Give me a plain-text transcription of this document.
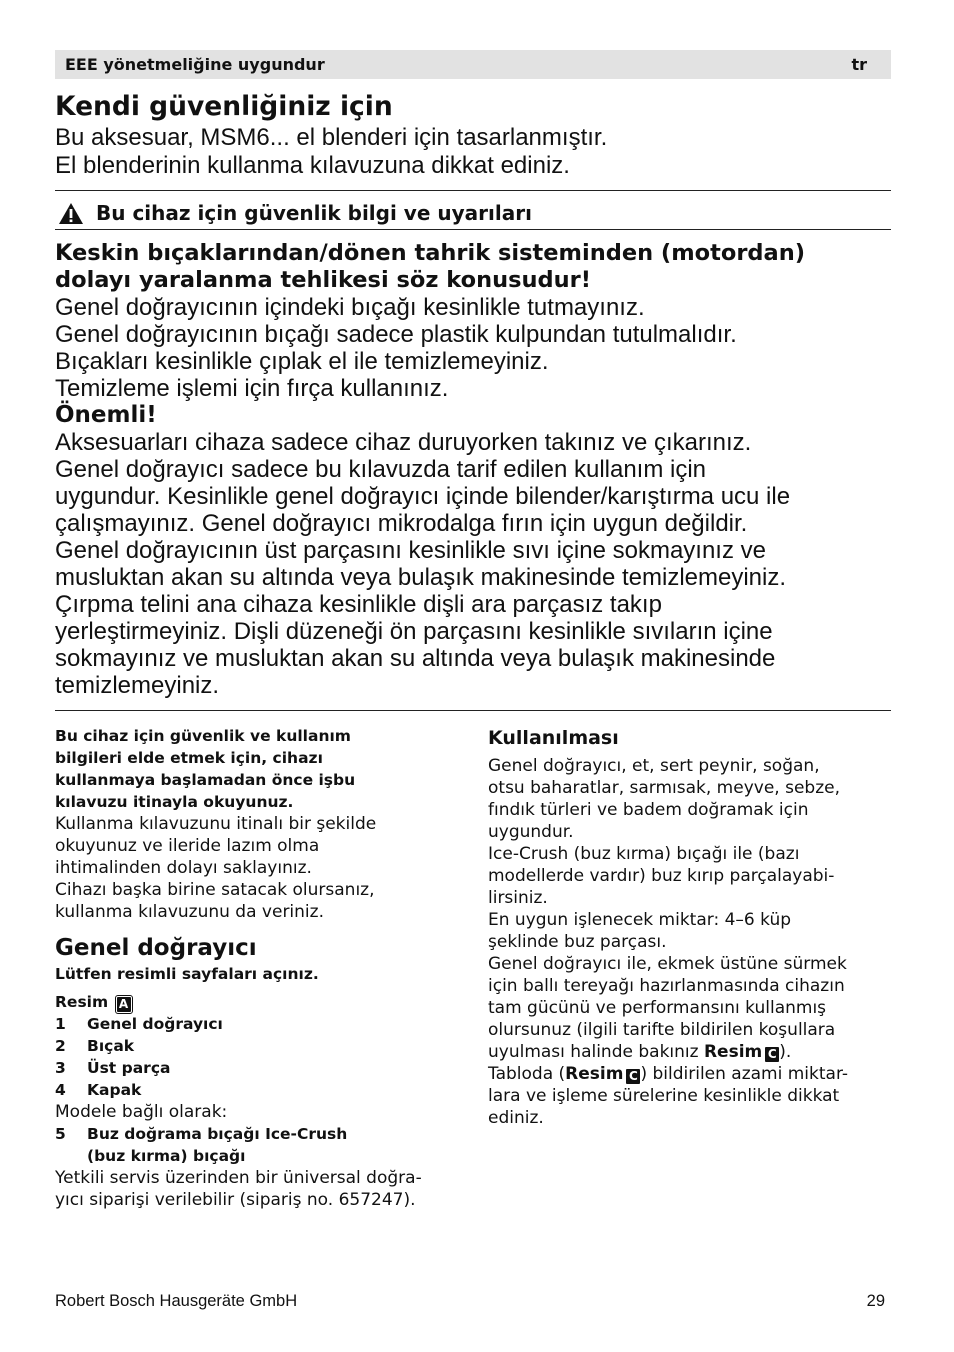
EEE yönetmeliğine uygundur	tr
Kendi güvenliğiniz için
Bu aksesuar, MSM6... el blenderi için tasarlanmıştır.
El blenderinin kullanma kılavuzuna dikkat ediniz.
Bu cihaz için güvenlik bilgi ve uyarıları
Keskin bıçaklarından/dönen tahrik sisteminden (motordan)
dolayı yaralanma tehlikesi söz konusudur!
Genel doğrayıcının içindeki bıçağı kesinlikle tutmayınız.
Genel doğrayıcının bıçağı sadece plastik kulpundan tutulmalıdır.
Bıçakları kesinlikle çıplak el ile temizlemeyiniz.
Temizleme işlemi için fırça kullanınız.
Önemli!
Aksesuarları cihaza sadece cihaz duruyorken takınız ve çıkarınız.
Genel doğrayıcı sadece bu kılavuzda tarif edilen kullanım için
uygundur. Kesinlikle genel doğrayıcı içinde bilender/karıştırma ucu ile
çalışmayınız. Genel doğrayıcı mikrodalga fırın için uygun değildir.
Genel doğrayıcının üst parçasını kesinlikle sıvı içine sokmayınız ve
musluktan akan su altında veya bulaşık makinesinde temizlemeyiniz.
Çırpma telini ana cihaza kesinlikle dişli ara parçasız takıp
yerleştirmeyiniz. Dişli düzeneği ön parçasını kesinlikle sıvıların içine
sokmayınız ve musluktan akan su altında veya bulaşık makinesinde
temizlemeyiniz.
Bu cihaz için güvenlik ve kullanım
bilgileri elde etmek için, cihazı
kullanmaya başlamadan önce işbu
kılavuzu itinayla okuyunuz.
Kullanma kılavuzunu itinalı bir şekilde
okuyunuz ve ileride lazım olma
ihtimalinden dolayı saklayınız.
Cihazı başka birine satacak olursanız,
kullanma kılavuzunu da veriniz.
Genel doğrayıcı
Lütfen resimli sayfaları açınız.
Resim A
1	Genel doğrayıcı
2	Bıçak
3	Üst parça
4	Kapak
Modele bağlı olarak:
5	Buz doğrama bıçağı Ice-Crush
(buz kırma) bıçağı
Yetkili servis üzerinden bir üniversal doğra-
yıcı siparişi verilebilir (sipariş no. 657247).
Kullanılması
Genel doğrayıcı, et, sert peynir, soğan,
otsu baharatlar, sarmısak, meyve, sebze,
fındık türleri ve badem doğramak için
uygundur.
Ice-Crush (buz kırma) bıçağı ile (bazı
modellerde vardır) buz kırıp parçalayabi-
lirsiniz.
En uygun işlenecek miktar: 4–6 küp
şeklinde buz parçası.
Genel doğrayıcı ile, ekmek üstüne sürmek
için ballı tereyağı hazırlanmasında cihazın
tam gücünü ve performansını kullanmış
olursunuz (ilgili tarifte bildirilen koşullara
uyulması halinde bakınız Resim C ).
Tabloda (Resim C ) bildirilen azami miktar-
lara ve işleme sürelerine kesinlikle dikkat
ediniz.
Robert Bosch Hausgeräte GmbH	29
